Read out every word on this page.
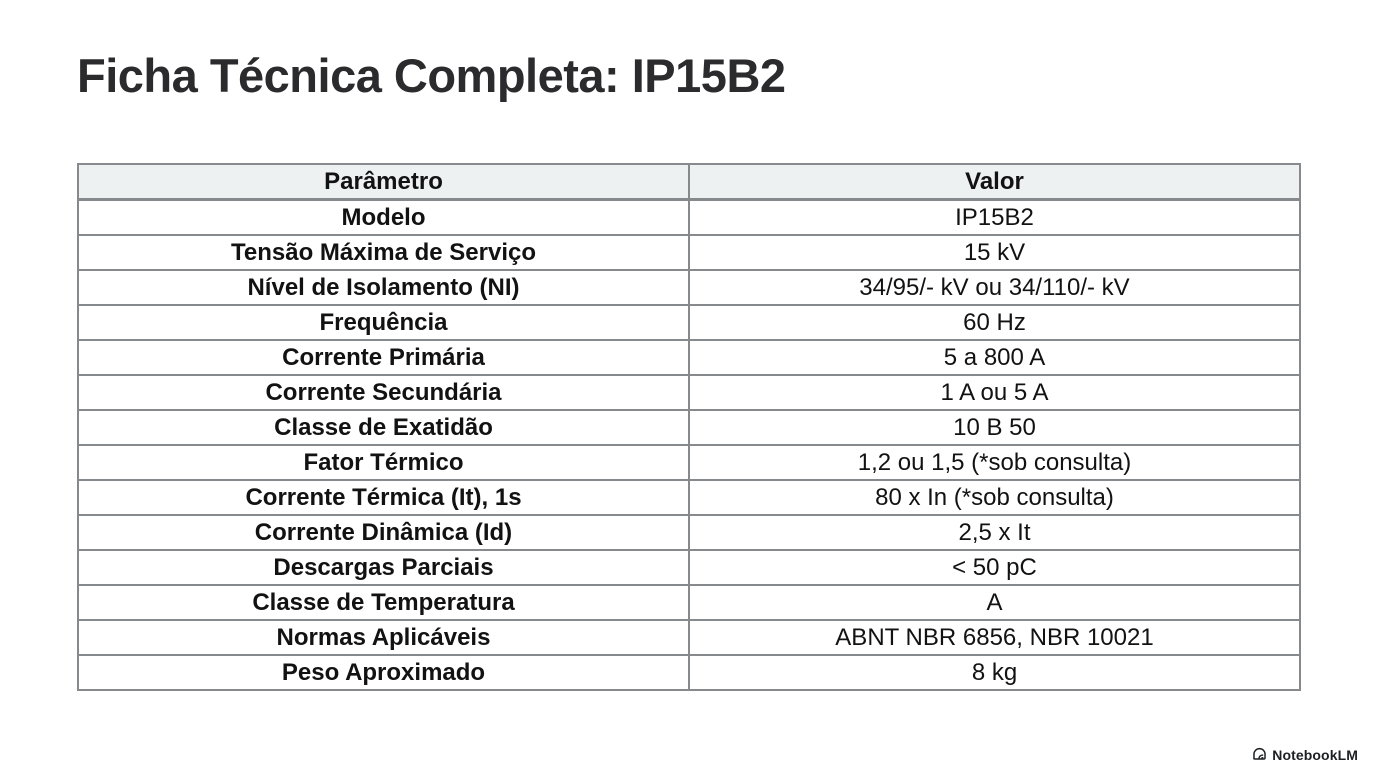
Ficha Técnica Completa: IP15B2
Parâmetro	Valor
Modelo	IP15B2
Tensão Máxima de Serviço	15 kV
Nível de Isolamento (NI)	34/95/- kV ou 34/110/- kV
Frequência	60 Hz
Corrente Primária	5 a 800 A
Corrente Secundária	1 A ou 5 A
Classe de Exatidão	10 B 50
Fator Térmico	1,2 ou 1,5 (*sob consulta)
Corrente Térmica (It), 1s	80 x In (*sob consulta)
Corrente Dinâmica (Id)	2,5 x It
Descargas Parciais	< 50 pC
Classe de Temperatura	A
Normas Aplicáveis	ABNT NBR 6856, NBR 10021
Peso Aproximado	8 kg
NotebookLM
